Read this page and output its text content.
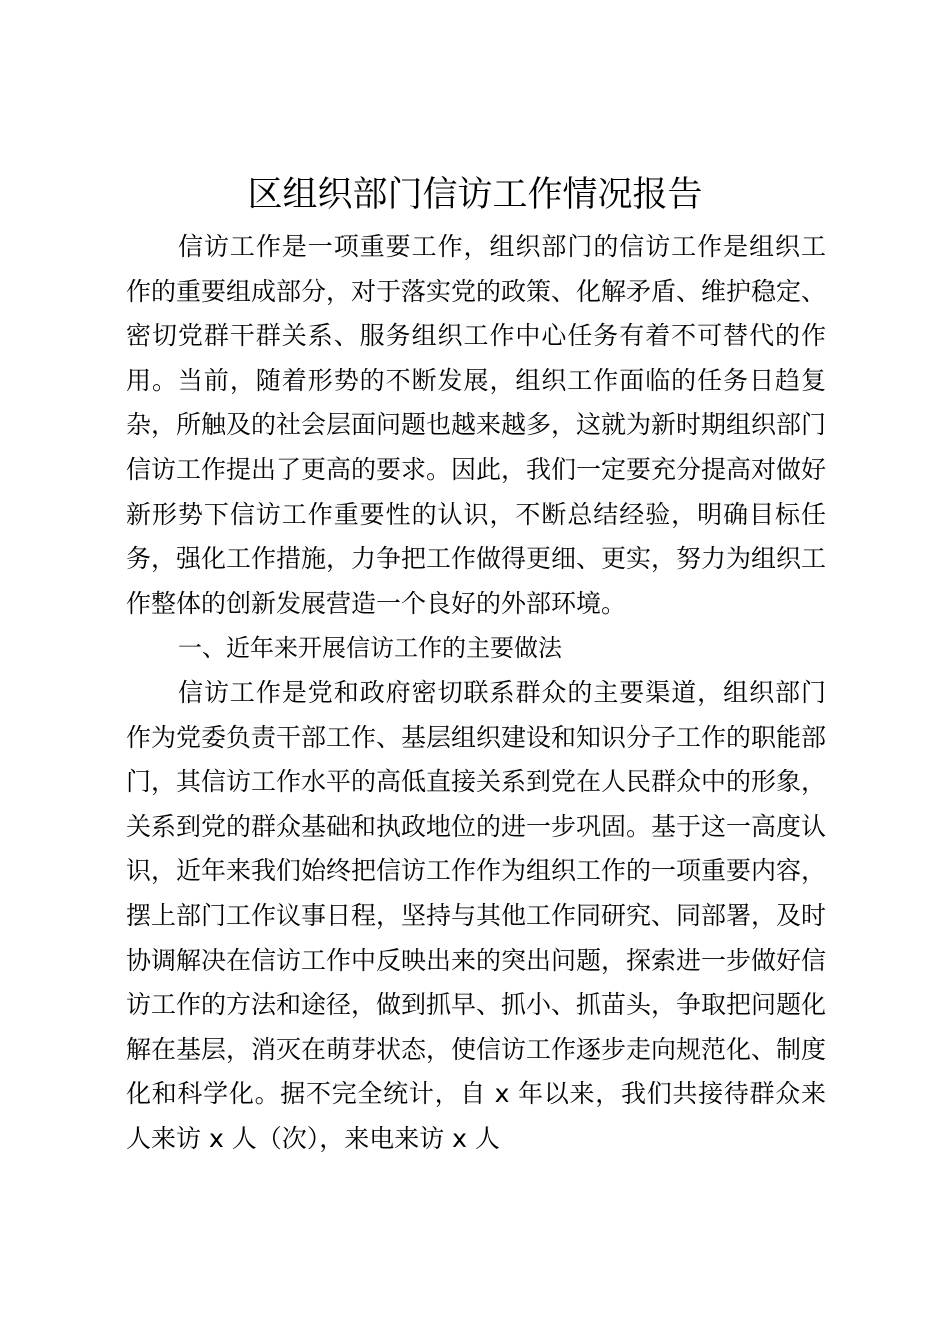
区组织部门信访工作情况报告

信访工作是一项重要工作，组织部门的信访工作是组织工作的重要组成部分，对于落实党的政策、化解矛盾、维护稳定、密切党群干群关系、服务组织工作中心任务有着不可替代的作用。当前，随着形势的不断发展，组织工作面临的任务日趋复杂，所触及的社会层面问题也越来越多，这就为新时期组织部门信访工作提出了更高的要求。因此，我们一定要充分提高对做好新形势下信访工作重要性的认识，不断总结经验，明确目标任务，强化工作措施，力争把工作做得更细、更实，努力为组织工作整体的创新发展营造一个良好的外部环境。

一、近年来开展信访工作的主要做法

信访工作是党和政府密切联系群众的主要渠道，组织部门作为党委负责干部工作、基层组织建设和知识分子工作的职能部门，其信访工作水平的高低直接关系到党在人民群众中的形象，关系到党的群众基础和执政地位的进一步巩固。基于这一高度认识，近年来我们始终把信访工作作为组织工作的一项重要内容，摆上部门工作议事日程，坚持与其他工作同研究、同部署，及时协调解决在信访工作中反映出来的突出问题，探索进一步做好信访工作的方法和途径，做到抓早、抓小、抓苗头，争取把问题化解在基层，消灭在萌芽状态，使信访工作逐步走向规范化、制度化和科学化。据不完全统计，自 x 年以来，我们共接待群众来人来访 x 人（次），来电来访 x 人
